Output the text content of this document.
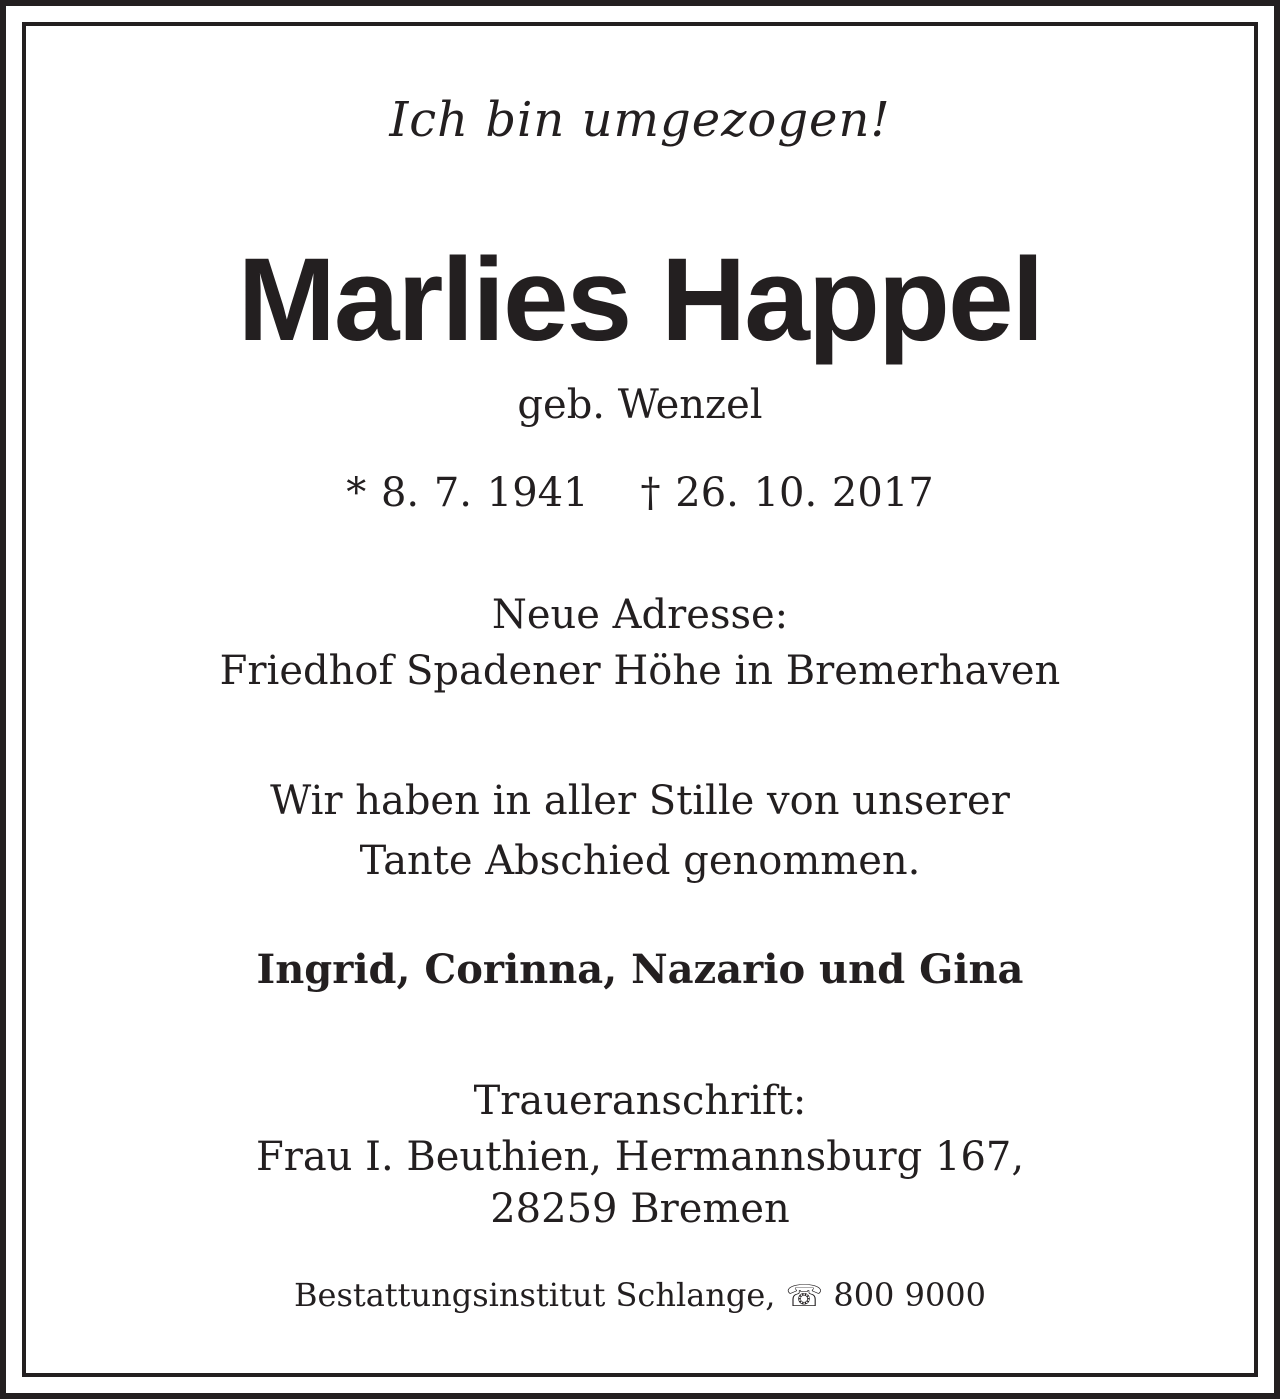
Ich bin umgezogen!
Marlies Happel
geb. Wenzel
* 8. 7. 1941 † 26. 10. 2017
Neue Adresse:
Friedhof Spadener Höhe in Bremerhaven
Wir haben in aller Stille von unserer
Tante Abschied genommen.
Ingrid, Corinna, Nazario und Gina
Traueranschrift:
Frau I. Beuthien, Hermannsburg 167,
28259 Bremen
Bestattungsinstitut Schlange, ☏ 800 9000
